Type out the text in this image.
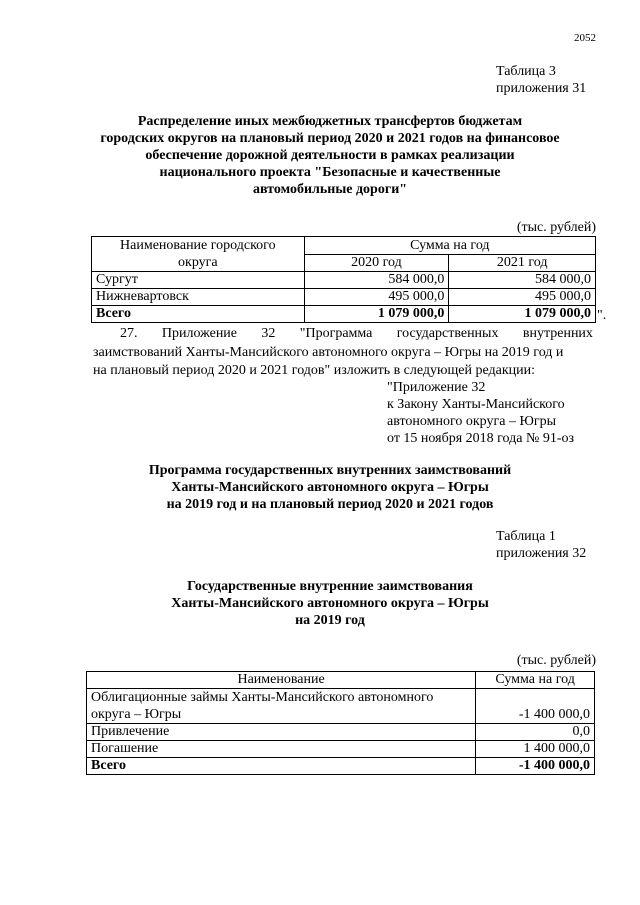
2052
Таблица 3
приложения 31
Распределение иных межбюджетных трансфертов бюджетам
городских округов на плановый период 2020 и 2021 годов на финансовое
обеспечение дорожной деятельности в рамках реализации
национального проекта "Безопасные и качественные
автомобильные дороги"
(тыс. рублей)
Наименование городского
округа	Сумма на год	
	2020 год	2021 год
Сургут	584 000,0	584 000,0
Нижневартовск	495 000,0	495 000,0
Всего	1 079 000,0	1 079 000,0 ".
27. Приложение 32 "Программа государственных внутренних
заимствований Ханты-Мансийского автономного округа – Югры на 2019 год и
на плановый период 2020 и 2021 годов" изложить в следующей редакции:
"Приложение 32
к Закону Ханты-Мансийского
автономного округа – Югры
от 15 ноября 2018 года № 91-оз
Программа государственных внутренних заимствований
Ханты-Мансийского автономного округа – Югры
на 2019 год и на плановый период 2020 и 2021 годов
Таблица 1
приложения 32
Государственные внутренние заимствования
Ханты-Мансийского автономного округа – Югры
на 2019 год
(тыс. рублей)
Наименование	Сумма на год

Облигационные займы Ханты-Мансийского автономного
округа – Югры	-1 400 000,0
Привлечение	0,0
Погашение	1 400 000,0
Всего	-1 400 000,0
